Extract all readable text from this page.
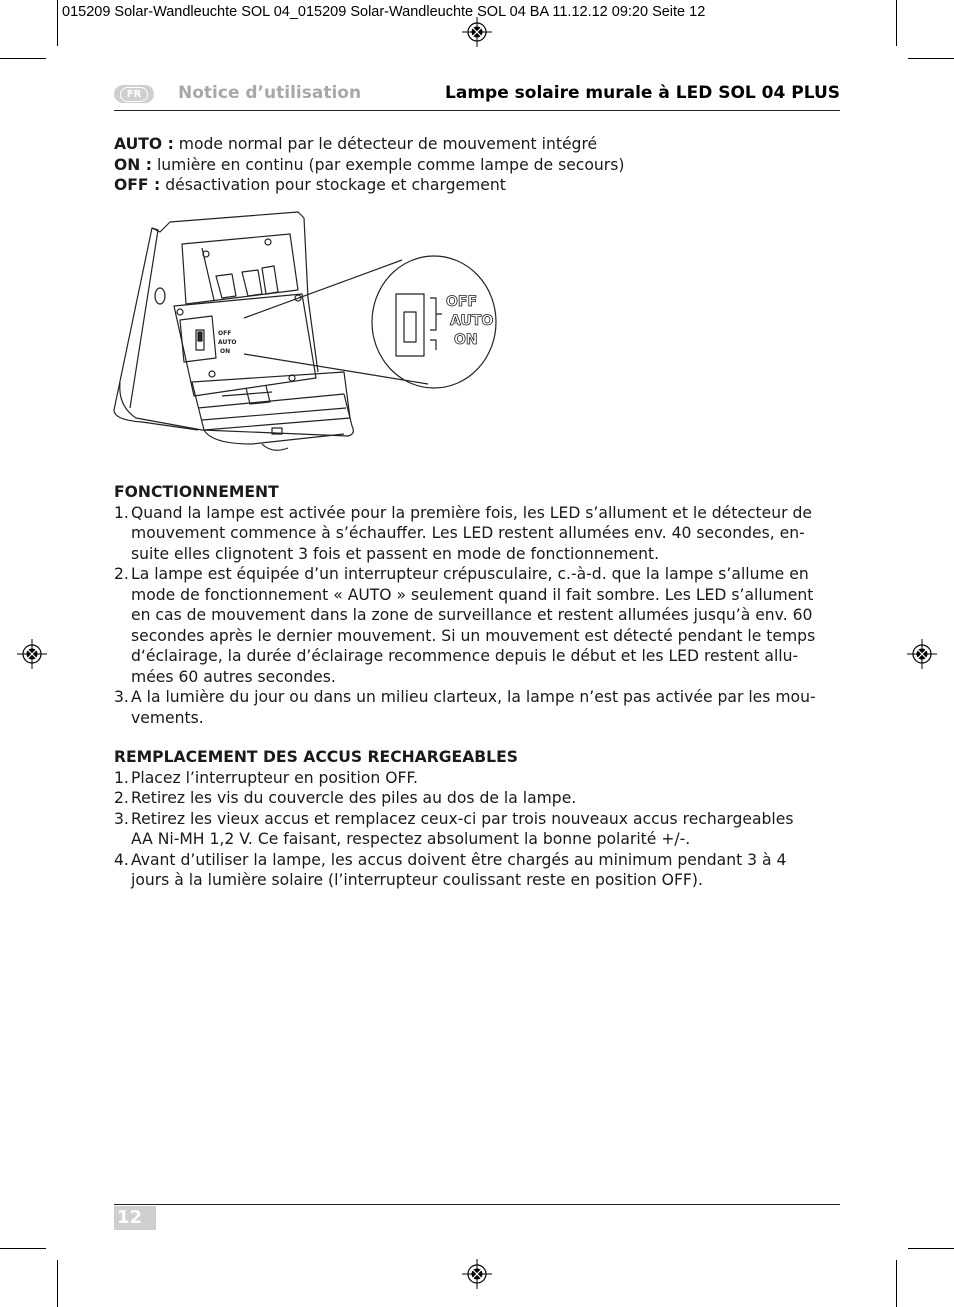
015209 Solar-Wandleuchte SOL 04_015209 Solar-Wandleuchte SOL 04 BA 11.12.12 09:20 Seite 12
FR	Notice d’utilisation	Lampe solaire murale à LED SOL 04 PLUS
AUTO : mode normal par le détecteur de mouvement intégré
ON : lumière en continu (par exemple comme lampe de secours)
OFF : désactivation pour stockage et chargement
OFF
AUTO
ON
OFF
AUTO
ON
FONCTIONNEMENT
1. Quand la lampe est activée pour la première fois, les LED s’allument et le détecteur de
mouvement commence à s’échauffer. Les LED restent allumées env. 40 secondes, en-
suite elles clignotent 3 fois et passent en mode de fonctionnement.
2. La lampe est équipée d’un interrupteur crépusculaire, c.-à-d. que la lampe s’allume en
mode de fonctionnement « AUTO » seulement quand il fait sombre. Les LED s’allument
en cas de mouvement dans la zone de surveillance et restent allumées jusqu’à env. 60
secondes après le dernier mouvement. Si un mouvement est détecté pendant le temps
d‘éclairage, la durée d’éclairage recommence depuis le début et les LED restent allu-
mées 60 autres secondes.
3. A la lumière du jour ou dans un milieu clarteux, la lampe n’est pas activée par les mou-
vements.
REMPLACEMENT DES ACCUS RECHARGEABLES
1. Placez l’interrupteur en position OFF.
2. Retirez les vis du couvercle des piles au dos de la lampe.
3. Retirez les vieux accus et remplacez ceux-ci par trois nouveaux accus rechargeables
AA Ni-MH 1,2 V. Ce faisant, respectez absolument la bonne polarité +/-.
4. Avant d’utiliser la lampe, les accus doivent être chargés au minimum pendant 3 à 4
jours à la lumière solaire (l’interrupteur coulissant reste en position OFF).
12
